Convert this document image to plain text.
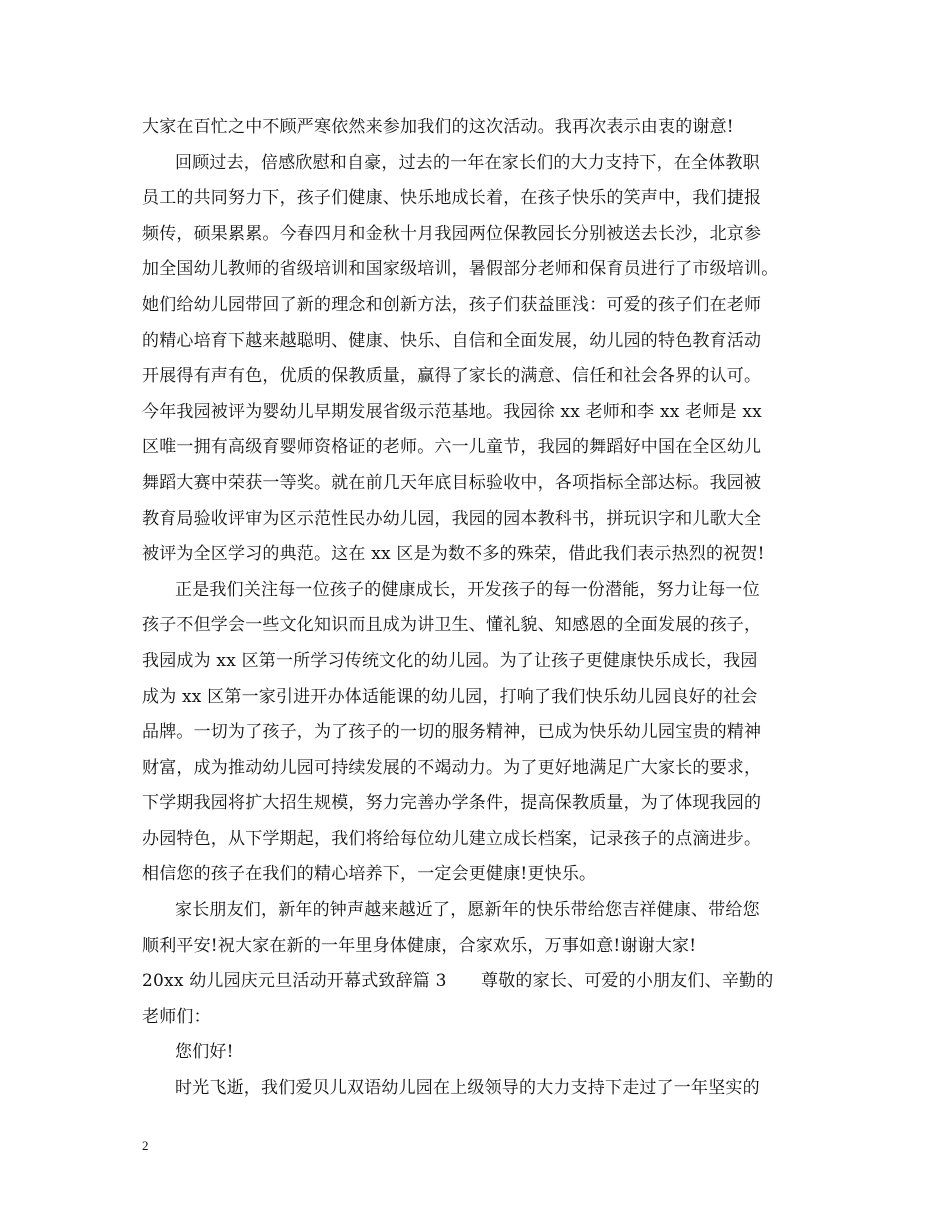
大家在百忙之中不顾严寒依然来参加我们的这次活动。我再次表示由衷的谢意!
回顾过去，倍感欣慰和自豪，过去的一年在家长们的大力支持下，在全体教职
员工的共同努力下，孩子们健康、快乐地成长着，在孩子快乐的笑声中，我们捷报
频传，硕果累累。今春四月和金秋十月我园两位保教园长分别被送去长沙，北京参
加全国幼儿教师的省级培训和国家级培训，暑假部分老师和保育员进行了市级培训。
她们给幼儿园带回了新的理念和创新方法，孩子们获益匪浅：可爱的孩子们在老师
的精心培育下越来越聪明、健康、快乐、自信和全面发展，幼儿园的特色教育活动
开展得有声有色，优质的保教质量，赢得了家长的满意、信任和社会各界的认可。
今年我园被评为婴幼儿早期发展省级示范基地。我园徐 xx 老师和李 xx 老师是 xx
区唯一拥有高级育婴师资格证的老师。六一儿童节，我园的舞蹈好中国在全区幼儿
舞蹈大赛中荣获一等奖。就在前几天年底目标验收中，各项指标全部达标。我园被
教育局验收评审为区示范性民办幼儿园，我园的园本教科书，拼玩识字和儿歌大全
被评为全区学习的典范。这在 xx 区是为数不多的殊荣，借此我们表示热烈的祝贺!
正是我们关注每一位孩子的健康成长，开发孩子的每一份潜能，努力让每一位
孩子不但学会一些文化知识而且成为讲卫生、懂礼貌、知感恩的全面发展的孩子，
我园成为 xx 区第一所学习传统文化的幼儿园。为了让孩子更健康快乐成长，我园
成为 xx 区第一家引进开办体适能课的幼儿园，打响了我们快乐幼儿园良好的社会
品牌。一切为了孩子，为了孩子的一切的服务精神，已成为快乐幼儿园宝贵的精神
财富，成为推动幼儿园可持续发展的不竭动力。为了更好地满足广大家长的要求，
下学期我园将扩大招生规模，努力完善办学条件，提高保教质量，为了体现我园的
办园特色，从下学期起，我们将给每位幼儿建立成长档案，记录孩子的点滴进步。
相信您的孩子在我们的精心培养下，一定会更健康!更快乐。
家长朋友们，新年的钟声越来越近了，愿新年的快乐带给您吉祥健康、带给您
顺利平安!祝大家在新的一年里身体健康，合家欢乐，万事如意!谢谢大家!
20xx 幼儿园庆元旦活动开幕式致辞篇 3　　尊敬的家长、可爱的小朋友们、辛勤的
老师们：
您们好!
时光飞逝，我们爱贝儿双语幼儿园在上级领导的大力支持下走过了一年坚实的
2
